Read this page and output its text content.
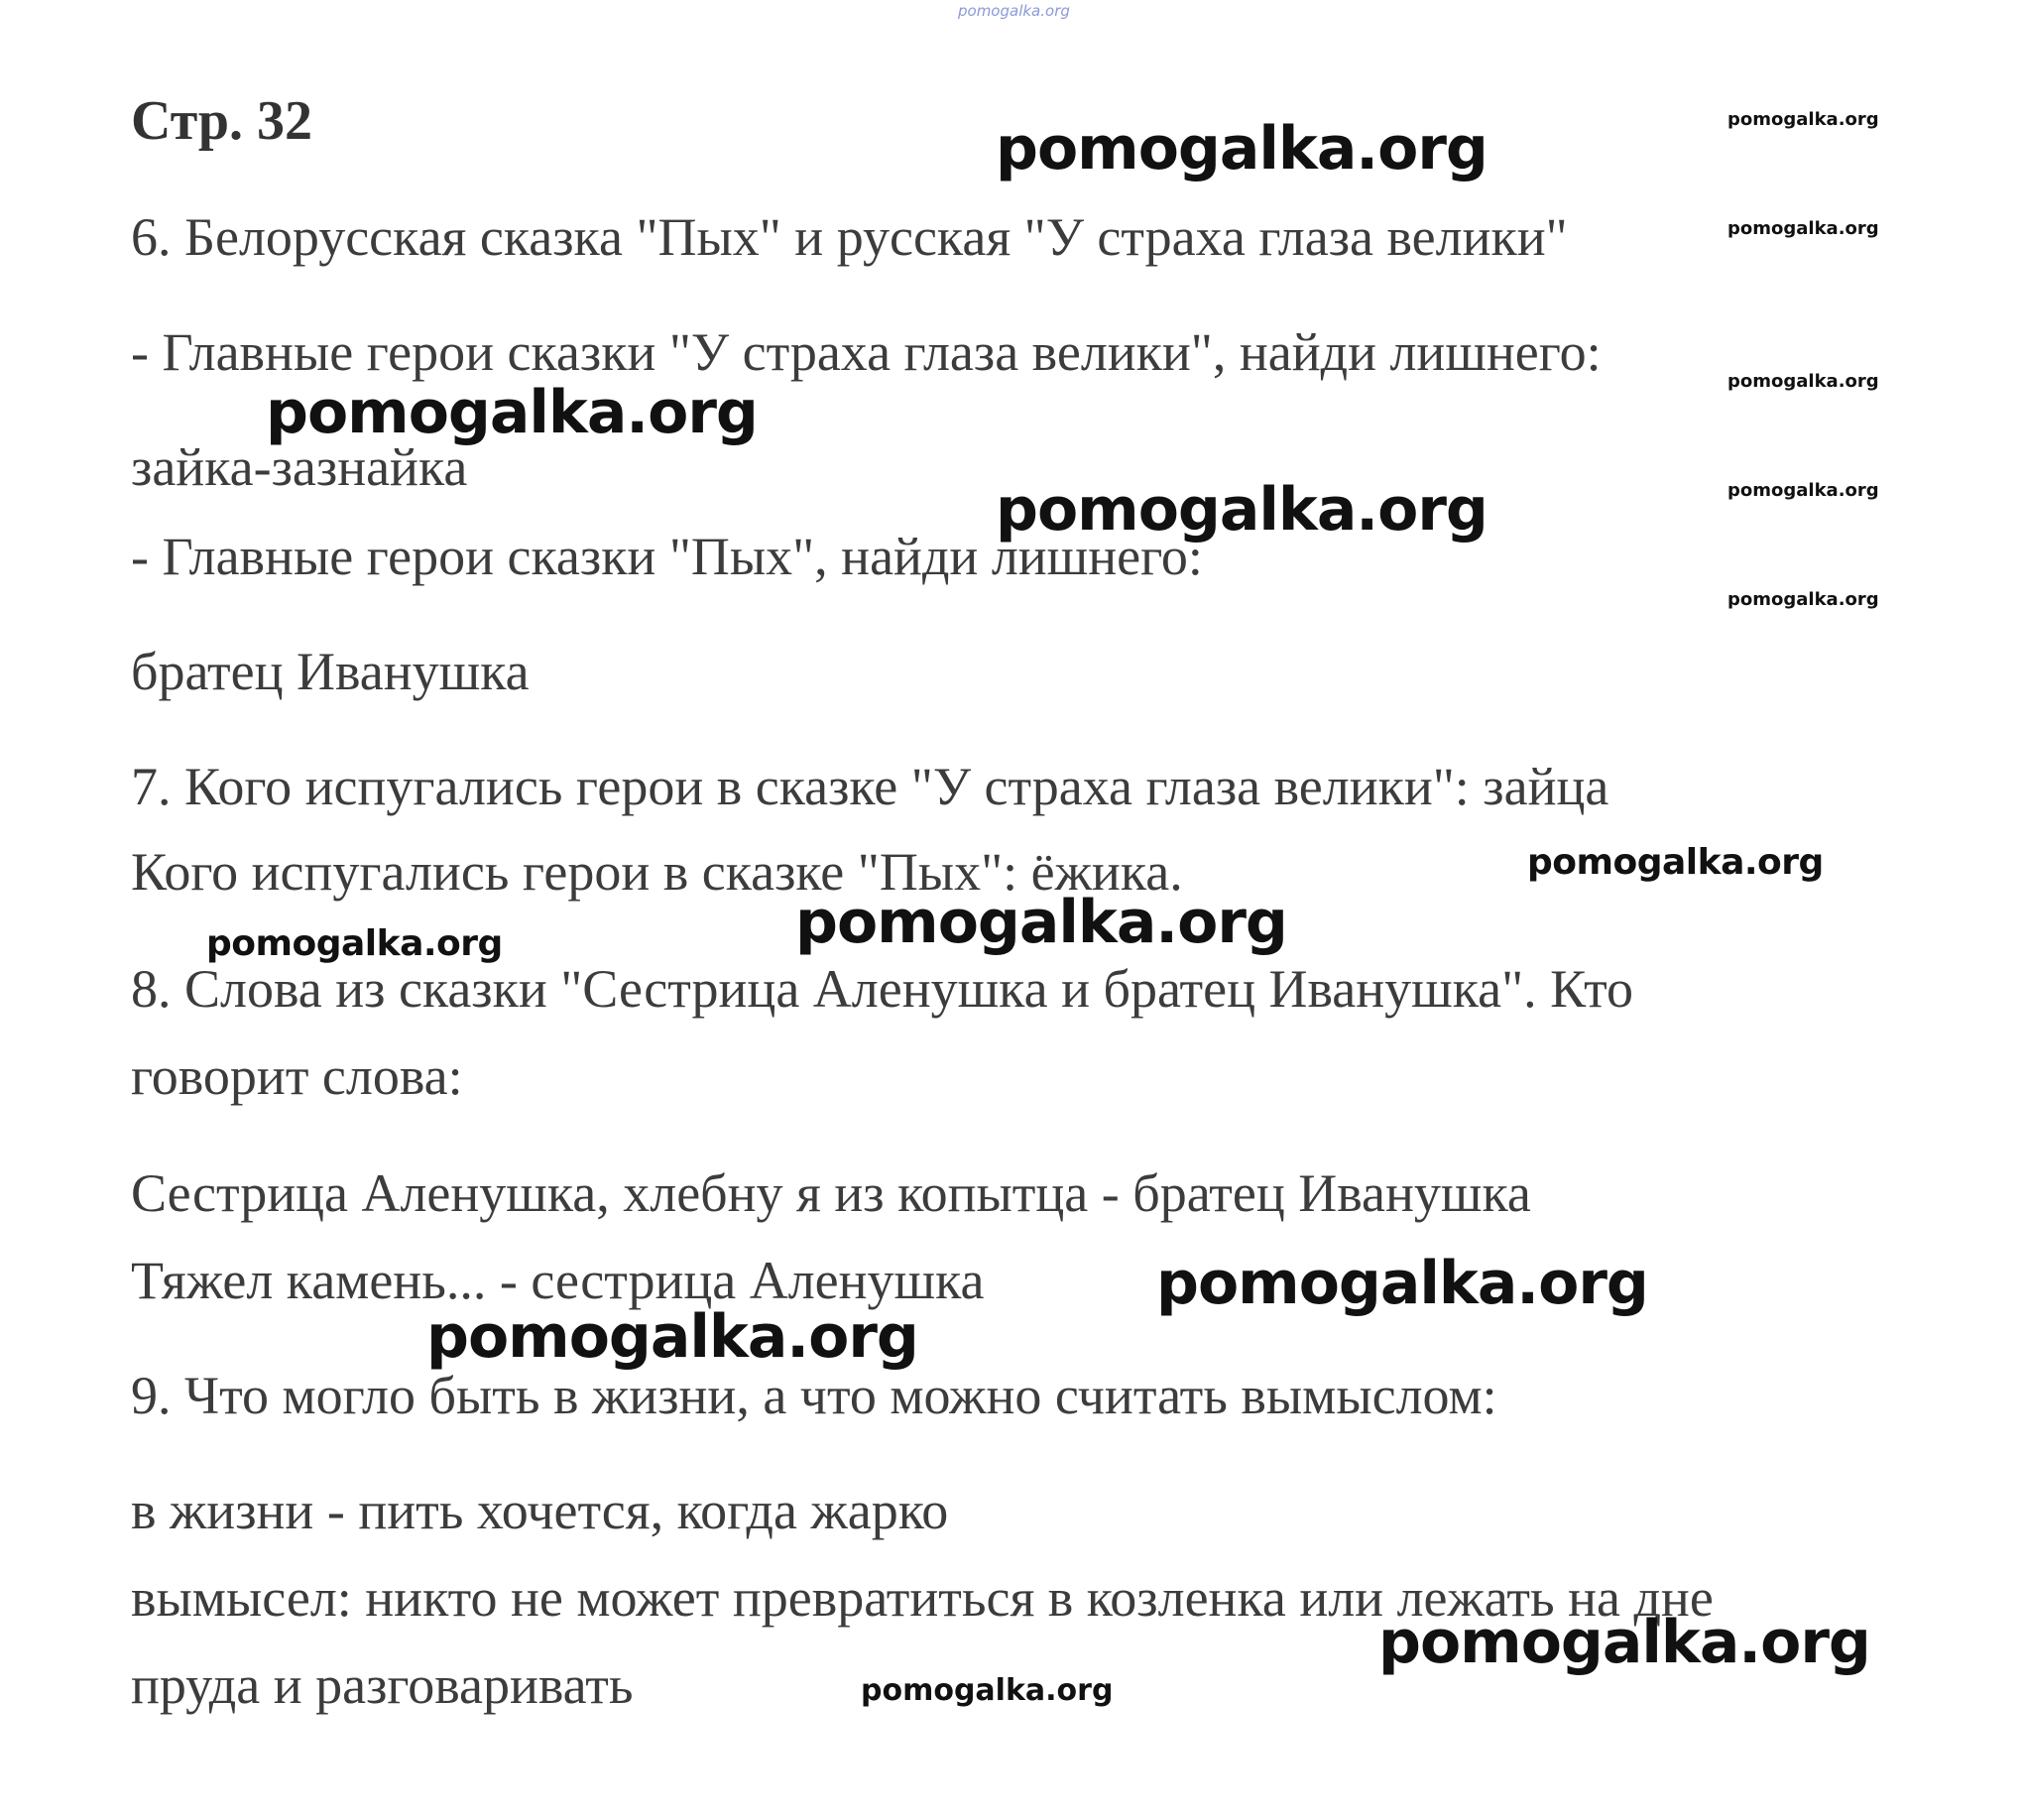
pomogalka.org
Стр. 32

6. Белорусская сказка "Пых" и русская "У страха глаза велики"

- Главные герои сказки "У страха глаза велики", найди лишнего:

зайка-зазнайка

- Главные герои сказки "Пых", найди лишнего:

братец Иванушка

7. Кого испугались герои в сказке "У страха глаза велики": зайца

Кого испугались герои в сказке "Пых": ёжика.

8. Слова из сказки "Сестрица Аленушка и братец Иванушка". Кто

говорит слова:

Сестрица Аленушка, хлебну я из копытца - братец Иванушка

Тяжел камень... - сестрица Аленушка

9. Что могло быть в жизни, а что можно считать вымыслом:

в жизни - пить хочется, когда жарко

вымысел: никто не может превратиться в козленка или лежать на дне

пруда и разговаривать

pomogalka.org
pomogalka.org
pomogalka.org
pomogalka.org
pomogalka.org
pomogalka.org
pomogalka.org
pomogalka.org
pomogalka.org
pomogalka.org
pomogalka.org
pomogalka.org
pomogalka.org
pomogalka.org
pomogalka.org
